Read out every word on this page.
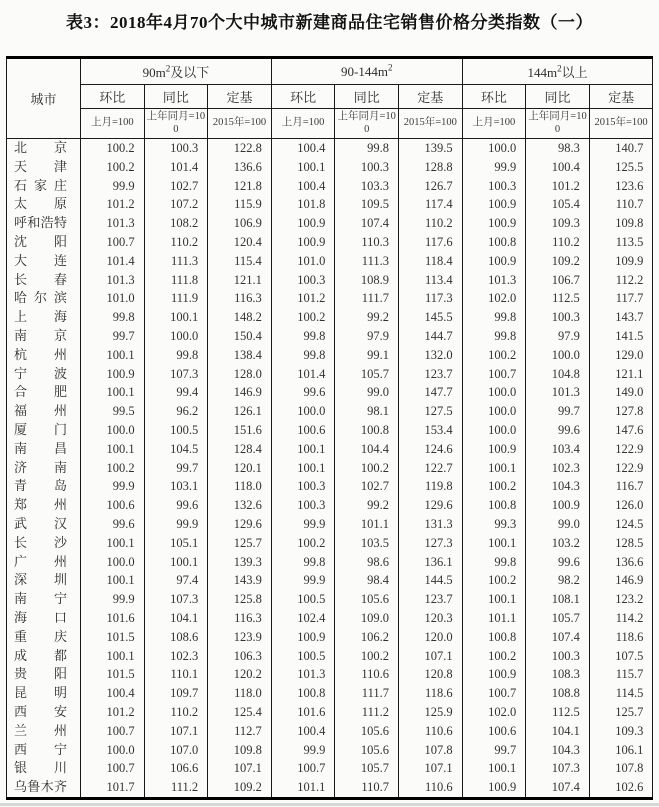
表3：2018年4月70个大中城市新建商品住宅销售价格分类指数（一）
城市	$90m^2$及以下			$90-144m^2$			$144m^2$以上		
	环比	同比	定基	环比	同比	定基	环比	同比	定基
	上月=100	上年同月=100	2015年=100	上月=100	上年同月=100	2015年=100	上月=100	上年同月=100	2015年=100
北京	100.2	100.3	122.8	100.4	99.8	139.5	100.0	98.3	140.7
天津	100.2	101.4	136.6	100.1	100.3	128.8	99.9	100.4	125.5
石家庄	99.9	102.7	121.8	100.4	103.3	126.7	100.3	101.2	123.6
太原	101.2	107.2	115.9	101.8	109.5	117.4	100.9	105.4	110.7
呼和浩特	101.3	108.2	106.9	100.9	107.4	110.2	100.9	109.3	109.8
沈阳	100.7	110.2	120.4	100.9	110.3	117.6	100.8	110.2	113.5
大连	101.4	111.3	115.4	101.0	111.3	118.4	100.9	109.2	109.9
长春	101.3	111.8	121.1	100.3	108.9	113.4	101.3	106.7	112.2
哈尔滨	101.0	111.9	116.3	101.2	111.7	117.3	102.0	112.5	117.7
上海	99.8	100.1	148.2	100.2	99.2	145.5	99.8	100.3	143.7
南京	99.7	100.0	150.4	99.8	97.9	144.7	99.8	97.9	141.5
杭州	100.1	99.8	138.4	99.8	99.1	132.0	100.2	100.0	129.0
宁波	100.9	107.3	128.0	101.4	105.7	123.7	100.7	104.8	121.1
合肥	100.1	99.4	146.9	99.6	99.0	147.7	100.0	101.3	149.0
福州	99.5	96.2	126.1	100.0	98.1	127.5	100.0	99.7	127.8
厦门	100.0	100.5	151.6	100.6	100.8	153.4	100.0	99.6	147.6
南昌	100.1	104.5	128.4	100.1	104.4	124.6	100.9	103.4	122.9
济南	100.2	99.7	120.1	100.1	100.2	122.7	100.1	102.3	122.9
青岛	99.9	103.1	118.0	100.3	102.7	119.8	100.2	104.3	116.7
郑州	100.6	99.6	132.6	100.3	99.2	129.6	100.8	100.9	126.0
武汉	99.6	99.9	129.6	99.9	101.1	131.3	99.3	99.0	124.5
长沙	100.1	105.1	125.7	100.2	103.5	127.3	100.1	103.2	128.5
广州	100.0	100.1	139.3	99.8	98.6	136.1	99.8	99.6	136.6
深圳	100.1	97.4	143.9	99.9	98.4	144.5	100.2	98.2	146.9
南宁	99.9	107.3	125.8	100.5	105.6	123.7	100.1	108.1	123.2
海口	101.6	104.1	116.3	102.4	109.0	120.3	101.1	105.7	114.2
重庆	101.5	108.6	123.9	100.9	106.2	120.0	100.8	107.4	118.6
成都	100.1	102.3	106.3	100.5	100.2	107.1	100.2	100.3	107.5
贵阳	101.5	110.1	120.2	101.3	110.6	120.8	100.9	108.3	115.7
昆明	100.4	109.7	118.0	100.8	111.7	118.6	100.7	108.8	114.5
西安	101.2	110.2	125.4	101.6	111.2	125.9	102.0	112.5	125.7
兰州	100.7	107.1	112.7	100.4	105.6	110.6	100.6	104.1	109.3
西宁	100.0	107.0	109.8	99.9	105.6	107.8	99.7	104.3	106.1
银川	100.7	106.6	107.1	100.7	105.7	107.1	100.1	107.3	107.8
乌鲁木齐	101.7	111.2	109.2	101.1	110.7	110.6	100.9	107.4	102.6
